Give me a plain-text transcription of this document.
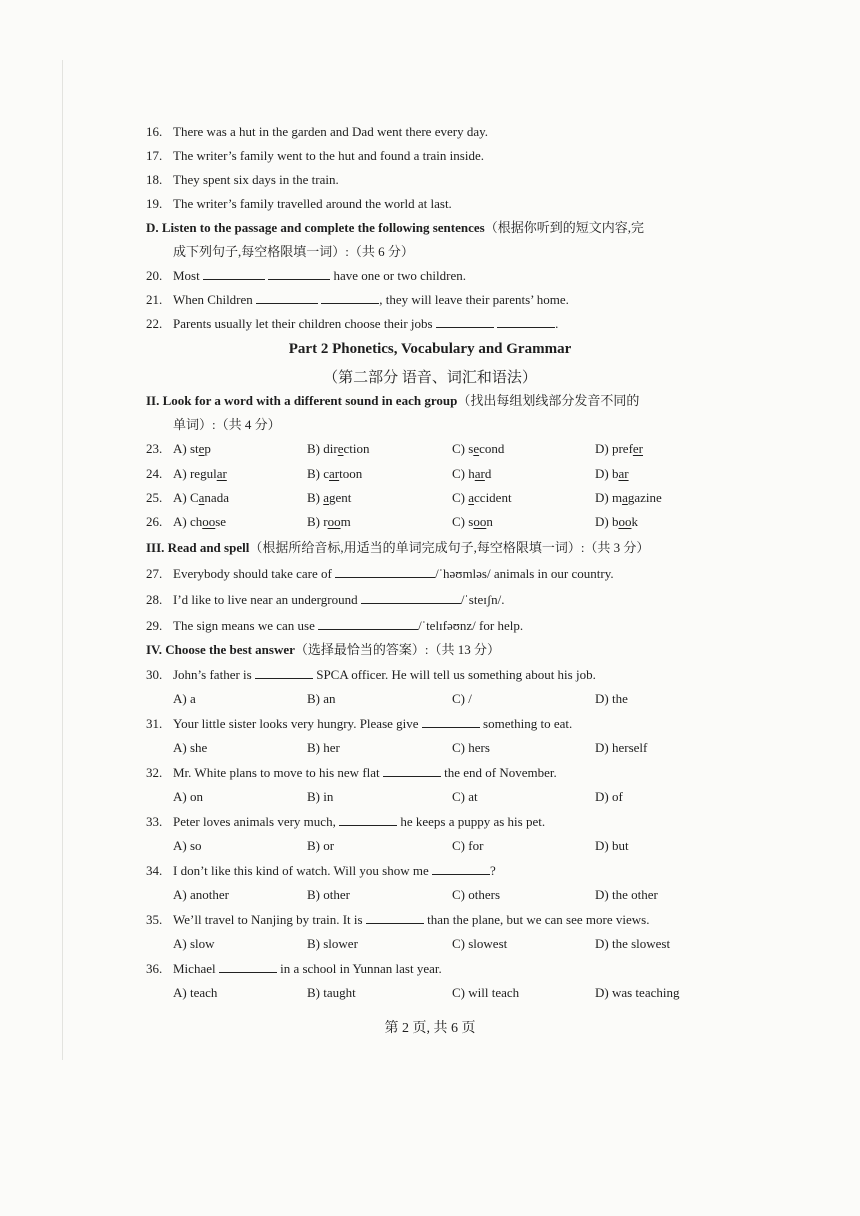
16. There was a hut in the garden and Dad went there every day.
17. The writer’s family went to the hut and found a train inside.
18. They spent six days in the train.
19. The writer’s family travelled around the world at last.
D. Listen to the passage and complete the following sentences（根据你听到的短文内容,完
成下列句子,每空格限填一词）:（共 6 分）
20. Most	have one or two children.
21. When Children	, they will leave their parents’ home.
22. Parents usually let their children choose their jobs	.
Part 2 Phonetics, Vocabulary and Grammar
（第二部分 语音、词汇和语法）
II. Look for a word with a different sound in each group（找出每组划线部分发音不同的
单词）:（共 4 分）
23. A) step	B) direction	C) second	D) prefer
24. A) regular	B) cartoon	C) hard	D) bar
25. A) Canada	B) agent	C) accident	D) magazine
26. A) choose	B) room	C) soon	D) book
III. Read and spell（根据所给音标,用适当的单词完成句子,每空格限填一词）:（共 3 分）
27. Everybody should take care of	/ˈhəʊmləs/ animals in our country.
28. I’d like to live near an underground	/ˈsteɪʃn/.
29. The sign means we can use	/ˈtelɪfəʊnz/ for help.
IV. Choose the best answer（选择最恰当的答案）:（共 13 分）
30. John’s father is	SPCA officer. He will tell us something about his job.
A) a	B) an	C) /	D) the
31. Your little sister looks very hungry. Please give	something to eat.
A) she	B) her	C) hers	D) herself
32. Mr. White plans to move to his new flat	the end of November.
A) on	B) in	C) at	D) of
33. Peter loves animals very much,	he keeps a puppy as his pet.
A) so	B) or	C) for	D) but
34. I don’t like this kind of watch. Will you show me	?
A) another	B) other	C) others	D) the other
35. We’ll travel to Nanjing by train. It is	than the plane, but we can see more views.
A) slow	B) slower	C) slowest	D) the slowest
36. Michael	in a school in Yunnan last year.
A) teach	B) taught	C) will teach	D) was teaching
第 2 页, 共 6 页
